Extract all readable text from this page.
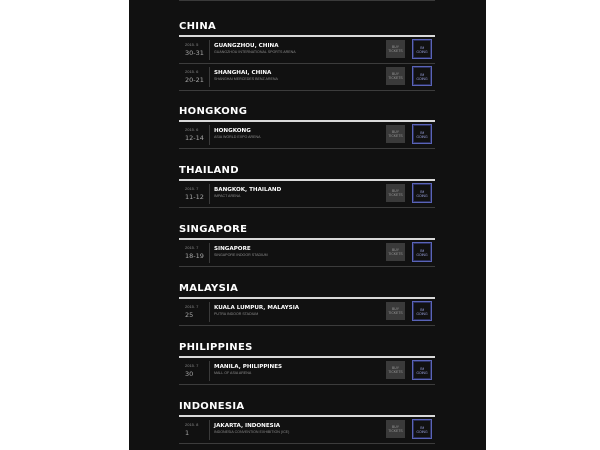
CHINA
2015. 5
30-31
GUANGZHOU, CHINA
GUANGZHOU INTERNATIONAL SPORTS ARENA
BUY
TICKETS
I'M
GOING
2015. 6
20-21
SHANGHAI, CHINA
SHANGHAI MERCEDES BENZ ARENA
BUY
TICKETS
I'M
GOING
HONGKONG
2015. 6
12-14
HONGKONG
ASIA WORLD EXPO ARENA
BUY
TICKETS
I'M
GOING
THAILAND
2015. 7
11-12
BANGKOK, THAILAND
IMPACT ARENA
BUY
TICKETS
I'M
GOING
SINGAPORE
2015. 7
18-19
SINGAPORE
SINGAPORE INDOOR STADIUM
BUY
TICKETS
I'M
GOING
MALAYSIA
2015. 7
25
KUALA LUMPUR, MALAYSIA
PUTRA INDOOR STADIUM
BUY
TICKETS
I'M
GOING
PHILIPPINES
2015. 7
30
MANILA, PHILIPPINES
MALL OF ASIA ARENA
BUY
TICKETS
I'M
GOING
INDONESIA
2015. 8
1
JAKARTA, INDONESIA
INDONESIA CONVENTION EXHIBITION (ICE)
BUY
TICKETS
I'M
GOING
